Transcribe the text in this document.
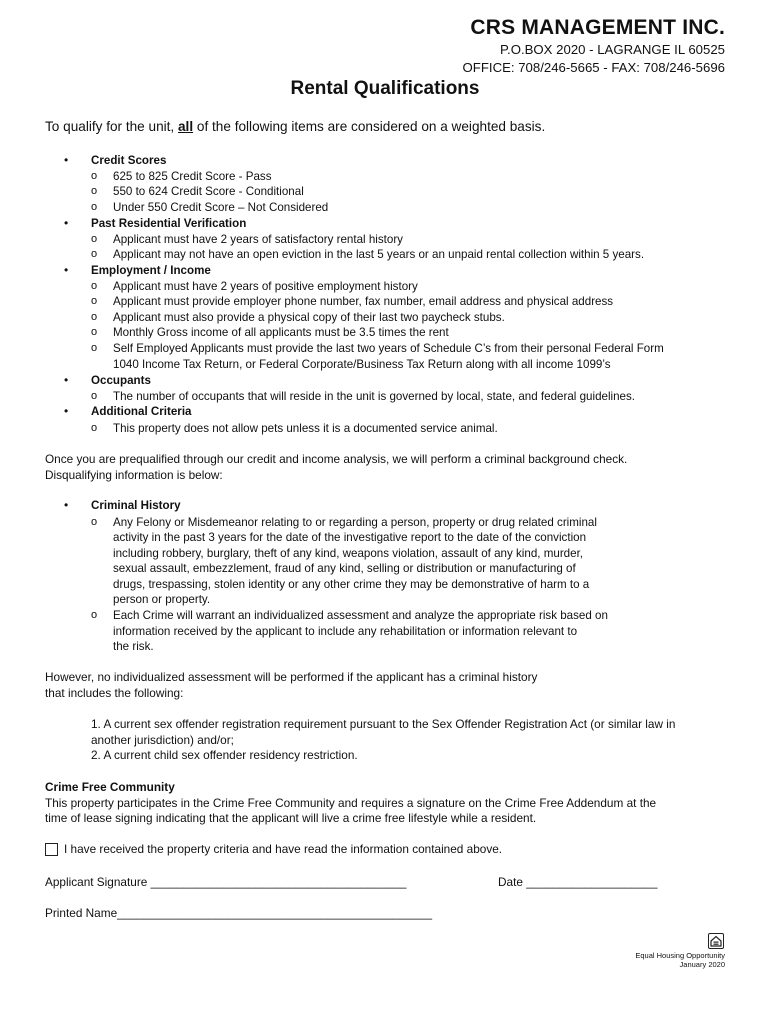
CRS MANAGEMENT INC.
P.O.BOX 2020 - LAGRANGE IL 60525
OFFICE: 708/246-5665 - FAX: 708/246-5696
Rental Qualifications
To qualify for the unit, all of the following items are considered on a weighted basis.
• Credit Scores
o 625 to 825 Credit Score - Pass
o 550 to 624 Credit Score - Conditional
o Under 550 Credit Score – Not Considered
• Past Residential Verification
o Applicant must have 2 years of satisfactory rental history
o Applicant may not have an open eviction in the last 5 years or an unpaid rental collection within 5 years.
• Employment / Income
o Applicant must have 2 years of positive employment history
o Applicant must provide employer phone number, fax number, email address and physical address
o Applicant must also provide a physical copy of their last two paycheck stubs.
o Monthly Gross income of all applicants must be 3.5 times the rent
o Self Employed Applicants must provide the last two years of Schedule C’s from their personal Federal Form
1040 Income Tax Return, or Federal Corporate/Business Tax Return along with all income 1099’s
• Occupants
o The number of occupants that will reside in the unit is governed by local, state, and federal guidelines.
• Additional Criteria
o This property does not allow pets unless it is a documented service animal.
Once you are prequalified through our credit and income analysis, we will perform a criminal background check.
Disqualifying information is below:
• Criminal History
o Any Felony or Misdemeanor relating to or regarding a person, property or drug related criminal
activity in the past 3 years for the date of the investigative report to the date of the conviction
including robbery, burglary, theft of any kind, weapons violation, assault of any kind, murder,
sexual assault, embezzlement, fraud of any kind, selling or distribution or manufacturing of
drugs, trespassing, stolen identity or any other crime they may be demonstrative of harm to a
person or property.
o Each Crime will warrant an individualized assessment and analyze the appropriate risk based on
information received by the applicant to include any rehabilitation or information relevant to
the risk.
However, no individualized assessment will be performed if the applicant has a criminal history
that includes the following:
1. A current sex offender registration requirement pursuant to the Sex Offender Registration Act (or similar law in
another jurisdiction) and/or;
2. A current child sex offender residency restriction.
Crime Free Community
This property participates in the Crime Free Community and requires a signature on the Crime Free Addendum at the
time of lease signing indicating that the applicant will live a crime free lifestyle while a resident.
I have received the property criteria and have read the information contained above.
Applicant Signature _______________________________________	Date ____________________
Printed Name________________________________________________
Equal Housing Opportunity
January 2020
